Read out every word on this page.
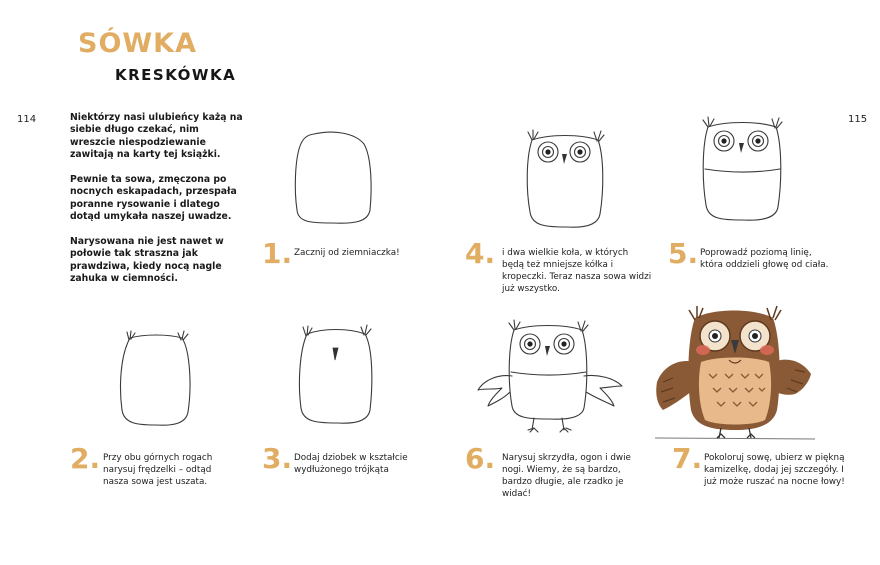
SÓWKA
KRESKÓWKA
114	115
Niektórzy nasi ulubieńcy każą na siebie długo czekać, nim wreszcie niespodziewanie zawitają na karty tej książki.
Pewnie ta sowa, zmęczona po nocnych eskapadach, przespała poranne rysowanie i dlatego dotąd umykała naszej uwadze.
Narysowana nie jest nawet w połowie tak straszna jak prawdziwa, kiedy nocą nagle zahuka w ciemności.
1. Zacznij od ziemniaczka!
2. Przy obu górnych rogach narysuj frędzelki – odtąd nasza sowa jest uszata.
3. Dodaj dziobek w kształcie wydłużonego trójkąta
4. i dwa wielkie koła, w których będą też mniejsze kółka i kropeczki. Teraz nasza sowa widzi już wszystko.
5. Poprowadź poziomą linię, która oddzieli głowę od ciała.
6. Narysuj skrzydła, ogon i dwie nogi. Wiemy, że są bardzo, bardzo długie, ale rzadko je widać!
7. Pokoloruj sowę, ubierz w piękną kamizelkę, dodaj jej szczegóły. I już może ruszać na nocne łowy!
